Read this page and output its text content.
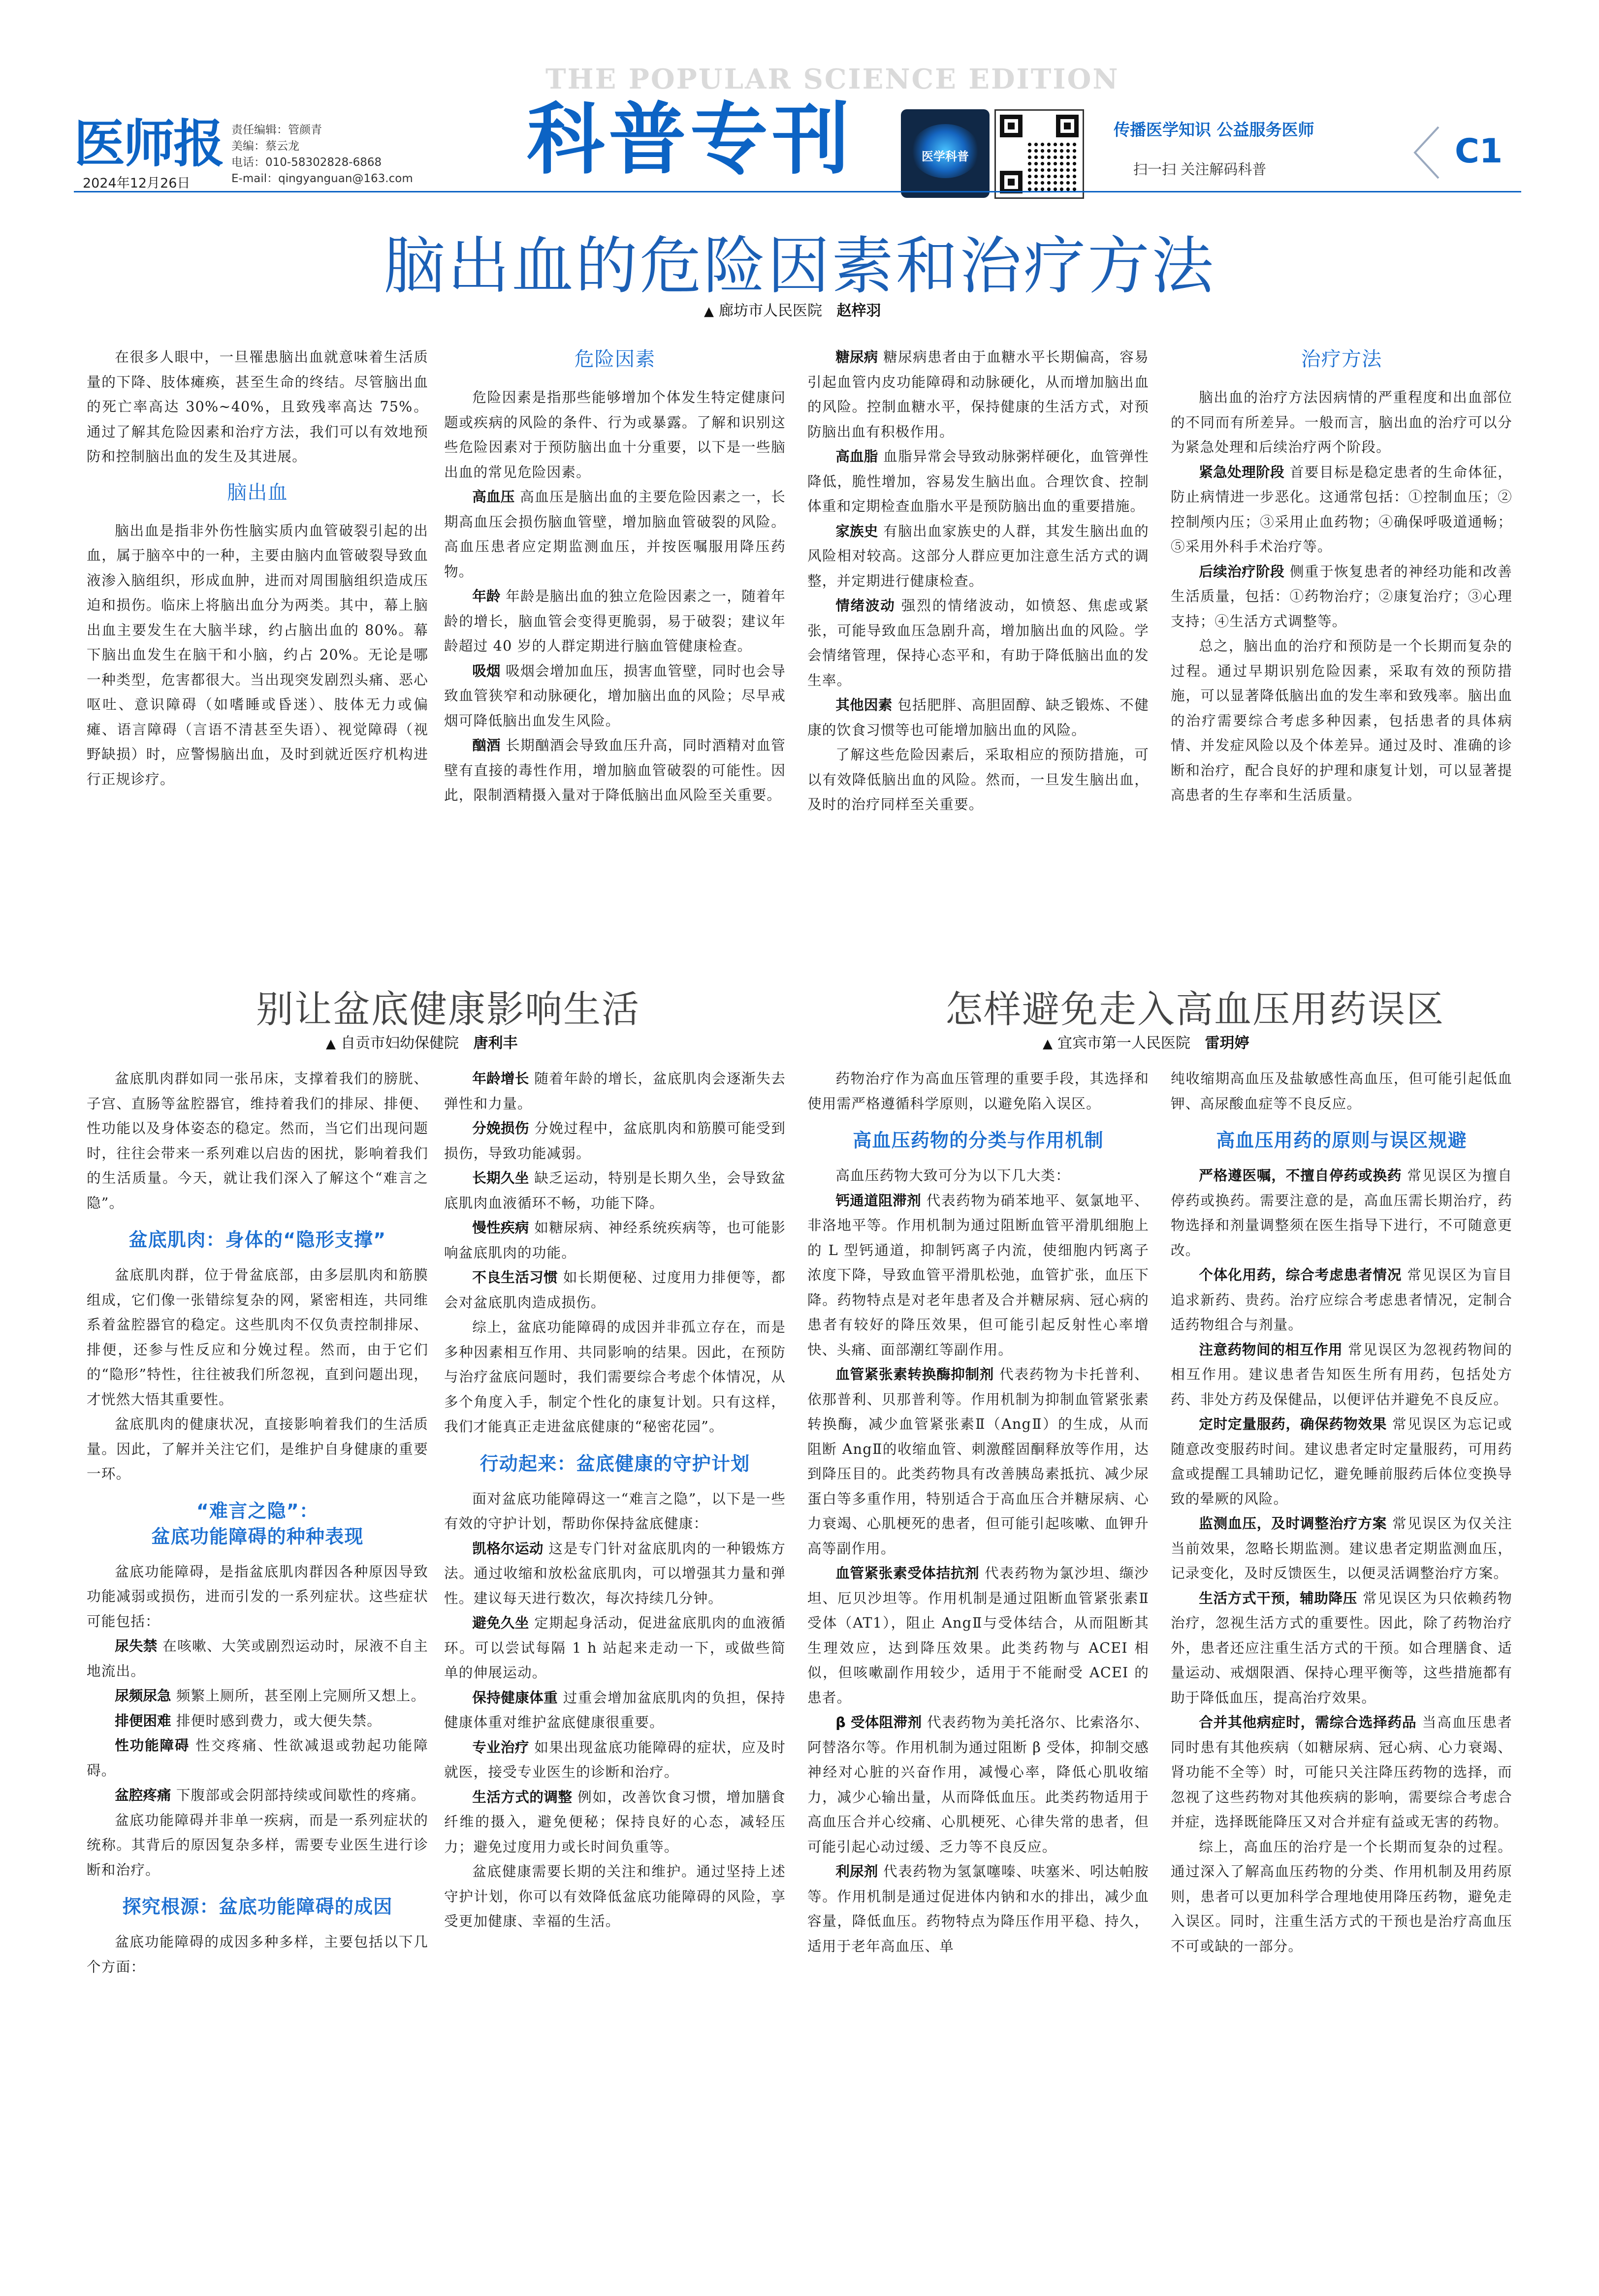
医师报
2024年12月26日
责任编辑：管颜青
美编：蔡云龙
电话：010-58302828-6868
E-mail：qingyanguan@163.com
THE POPULAR SCIENCE EDITION
科普专刊	医学科普
传播医学知识 公益服务医师
扫一扫 关注解码科普	C1
脑出血的危险因素和治疗方法
▲ 廊坊市人民医院 赵梓羽

在很多人眼中，一旦罹患脑出血就意味着生活质量的下降、肢体瘫痪，甚至生命的终结。尽管脑出血的死亡率高达 30%~40%，且致残率高达 75%。通过了解其危险因素和治疗方法，我们可以有效地预防和控制脑出血的发生及其进展。

脑出血

脑出血是指非外伤性脑实质内血管破裂引起的出血，属于脑卒中的一种，主要由脑内血管破裂导致血液渗入脑组织，形成血肿，进而对周围脑组织造成压迫和损伤。临床上将脑出血分为两类。其中，幕上脑出血主要发生在大脑半球，约占脑出血的 80%。幕下脑出血发生在脑干和小脑，约占 20%。无论是哪一种类型，危害都很大。当出现突发剧烈头痛、恶心呕吐、意识障碍（如嗜睡或昏迷）、肢体无力或偏瘫、语言障碍（言语不清甚至失语）、视觉障碍（视野缺损）时，应警惕脑出血，及时到就近医疗机构进行正规诊疗。

危险因素

危险因素是指那些能够增加个体发生特定健康问题或疾病的风险的条件、行为或暴露。了解和识别这些危险因素对于预防脑出血十分重要，以下是一些脑出血的常见危险因素。

高血压 高血压是脑出血的主要危险因素之一，长期高血压会损伤脑血管壁，增加脑血管破裂的风险。高血压患者应定期监测血压，并按医嘱服用降压药物。

年龄 年龄是脑出血的独立危险因素之一，随着年龄的增长，脑血管会变得更脆弱，易于破裂；建议年龄超过 40 岁的人群定期进行脑血管健康检查。

吸烟 吸烟会增加血压，损害血管壁，同时也会导致血管狭窄和动脉硬化，增加脑出血的风险；尽早戒烟可降低脑出血发生风险。

酗酒 长期酗酒会导致血压升高，同时酒精对血管壁有直接的毒性作用，增加脑血管破裂的可能性。因此，限制酒精摄入量对于降低脑出血风险至关重要。

糖尿病 糖尿病患者由于血糖水平长期偏高，容易引起血管内皮功能障碍和动脉硬化，从而增加脑出血的风险。控制血糖水平，保持健康的生活方式，对预防脑出血有积极作用。

高血脂 血脂异常会导致动脉粥样硬化，血管弹性降低，脆性增加，容易发生脑出血。合理饮食、控制体重和定期检查血脂水平是预防脑出血的重要措施。

家族史 有脑出血家族史的人群，其发生脑出血的风险相对较高。这部分人群应更加注意生活方式的调整，并定期进行健康检查。

情绪波动 强烈的情绪波动，如愤怒、焦虑或紧张，可能导致血压急剧升高，增加脑出血的风险。学会情绪管理，保持心态平和，有助于降低脑出血的发生率。

其他因素 包括肥胖、高胆固醇、缺乏锻炼、不健康的饮食习惯等也可能增加脑出血的风险。

了解这些危险因素后，采取相应的预防措施，可以有效降低脑出血的风险。然而，一旦发生脑出血，及时的治疗同样至关重要。

治疗方法

脑出血的治疗方法因病情的严重程度和出血部位的不同而有所差异。一般而言，脑出血的治疗可以分为紧急处理和后续治疗两个阶段。

紧急处理阶段 首要目标是稳定患者的生命体征，防止病情进一步恶化。这通常包括：①控制血压；②控制颅内压；③采用止血药物；④确保呼吸道通畅；⑤采用外科手术治疗等。

后续治疗阶段 侧重于恢复患者的神经功能和改善生活质量，包括：①药物治疗；②康复治疗；③心理支持；④生活方式调整等。

总之，脑出血的治疗和预防是一个长期而复杂的过程。通过早期识别危险因素，采取有效的预防措施，可以显著降低脑出血的发生率和致残率。脑出血的治疗需要综合考虑多种因素，包括患者的具体病情、并发症风险以及个体差异。通过及时、准确的诊断和治疗，配合良好的护理和康复计划，可以显著提高患者的生存率和生活质量。

别让盆底健康影响生活
▲ 自贡市妇幼保健院 唐利丰

盆底肌肉群如同一张吊床，支撑着我们的膀胱、子宫、直肠等盆腔器官，维持着我们的排尿、排便、性功能以及身体姿态的稳定。然而，当它们出现问题时，往往会带来一系列难以启齿的困扰，影响着我们的生活质量。今天，就让我们深入了解这个“难言之隐”。

盆底肌肉：身体的“隐形支撑”

盆底肌肉群，位于骨盆底部，由多层肌肉和筋膜组成，它们像一张错综复杂的网，紧密相连，共同维系着盆腔器官的稳定。这些肌肉不仅负责控制排尿、排便，还参与性反应和分娩过程。然而，由于它们的“隐形”特性，往往被我们所忽视，直到问题出现，才恍然大悟其重要性。

盆底肌肉的健康状况，直接影响着我们的生活质量。因此，了解并关注它们，是维护自身健康的重要一环。

“难言之隐”：
盆底功能障碍的种种表现

盆底功能障碍，是指盆底肌肉群因各种原因导致功能减弱或损伤，进而引发的一系列症状。这些症状可能包括：

尿失禁 在咳嗽、大笑或剧烈运动时，尿液不自主地流出。

尿频尿急 频繁上厕所，甚至刚上完厕所又想上。

排便困难 排便时感到费力，或大便失禁。

性功能障碍 性交疼痛、性欲减退或勃起功能障碍。

盆腔疼痛 下腹部或会阴部持续或间歇性的疼痛。

盆底功能障碍并非单一疾病，而是一系列症状的统称。其背后的原因复杂多样，需要专业医生进行诊断和治疗。

探究根源：盆底功能障碍的成因

盆底功能障碍的成因多种多样，主要包括以下几个方面：

年龄增长 随着年龄的增长，盆底肌肉会逐渐失去弹性和力量。

分娩损伤 分娩过程中，盆底肌肉和筋膜可能受到损伤，导致功能减弱。

长期久坐 缺乏运动，特别是长期久坐，会导致盆底肌肉血液循环不畅，功能下降。

慢性疾病 如糖尿病、神经系统疾病等，也可能影响盆底肌肉的功能。

不良生活习惯 如长期便秘、过度用力排便等，都会对盆底肌肉造成损伤。

综上，盆底功能障碍的成因并非孤立存在，而是多种因素相互作用、共同影响的结果。因此，在预防与治疗盆底问题时，我们需要综合考虑个体情况，从多个角度入手，制定个性化的康复计划。只有这样，我们才能真正走进盆底健康的“秘密花园”。

行动起来：盆底健康的守护计划

面对盆底功能障碍这一“难言之隐”，以下是一些有效的守护计划，帮助你保持盆底健康：

凯格尔运动 这是专门针对盆底肌肉的一种锻炼方法。通过收缩和放松盆底肌肉，可以增强其力量和弹性。建议每天进行数次，每次持续几分钟。

避免久坐 定期起身活动，促进盆底肌肉的血液循环。可以尝试每隔 1 h 站起来走动一下，或做些简单的伸展运动。

保持健康体重 过重会增加盆底肌肉的负担，保持健康体重对维护盆底健康很重要。

专业治疗 如果出现盆底功能障碍的症状，应及时就医，接受专业医生的诊断和治疗。

生活方式的调整 例如，改善饮食习惯，增加膳食纤维的摄入，避免便秘；保持良好的心态，减轻压力；避免过度用力或长时间负重等。

盆底健康需要长期的关注和维护。通过坚持上述守护计划，你可以有效降低盆底功能障碍的风险，享受更加健康、幸福的生活。

怎样避免走入高血压用药误区
▲ 宜宾市第一人民医院 雷玥婷

药物治疗作为高血压管理的重要手段，其选择和使用需严格遵循科学原则，以避免陷入误区。

高血压药物的分类与作用机制

高血压药物大致可分为以下几大类：

钙通道阻滞剂 代表药物为硝苯地平、氨氯地平、非洛地平等。作用机制为通过阻断血管平滑肌细胞上的 L 型钙通道，抑制钙离子内流，使细胞内钙离子浓度下降，导致血管平滑肌松弛，血管扩张，血压下降。药物特点是对老年患者及合并糖尿病、冠心病的患者有较好的降压效果，但可能引起反射性心率增快、头痛、面部潮红等副作用。

血管紧张素转换酶抑制剂 代表药物为卡托普利、依那普利、贝那普利等。作用机制为抑制血管紧张素转换酶，减少血管紧张素Ⅱ（AngⅡ）的生成，从而阻断 AngⅡ的收缩血管、刺激醛固酮释放等作用，达到降压目的。此类药物具有改善胰岛素抵抗、减少尿蛋白等多重作用，特别适合于高血压合并糖尿病、心力衰竭、心肌梗死的患者，但可能引起咳嗽、血钾升高等副作用。

血管紧张素受体拮抗剂 代表药物为氯沙坦、缬沙坦、厄贝沙坦等。作用机制是通过阻断血管紧张素Ⅱ受体（AT1），阻止 AngⅡ与受体结合，从而阻断其生理效应，达到降压效果。此类药物与 ACEI 相似，但咳嗽副作用较少，适用于不能耐受 ACEI 的患者。

β 受体阻滞剂 代表药物为美托洛尔、比索洛尔、阿替洛尔等。作用机制为通过阻断 β 受体，抑制交感神经对心脏的兴奋作用，减慢心率，降低心肌收缩力，减少心输出量，从而降低血压。此类药物适用于高血压合并心绞痛、心肌梗死、心律失常的患者，但可能引起心动过缓、乏力等不良反应。

利尿剂 代表药物为氢氯噻嗪、呋塞米、吲达帕胺等。作用机制是通过促进体内钠和水的排出，减少血容量，降低血压。药物特点为降压作用平稳、持久，适用于老年高血压、单

纯收缩期高血压及盐敏感性高血压，但可能引起低血钾、高尿酸血症等不良反应。
高血压用药的原则与误区规避

严格遵医嘱，不擅自停药或换药 常见误区为擅自停药或换药。需要注意的是，高血压需长期治疗，药物选择和剂量调整须在医生指导下进行，不可随意更改。

个体化用药，综合考虑患者情况 常见误区为盲目追求新药、贵药。治疗应综合考虑患者情况，定制合适药物组合与剂量。

注意药物间的相互作用 常见误区为忽视药物间的相互作用。建议患者告知医生所有用药，包括处方药、非处方药及保健品，以便评估并避免不良反应。

定时定量服药，确保药物效果 常见误区为忘记或随意改变服药时间。建议患者定时定量服药，可用药盒或提醒工具辅助记忆，避免睡前服药后体位变换导致的晕厥的风险。

监测血压，及时调整治疗方案 常见误区为仅关注当前效果，忽略长期监测。建议患者定期监测血压，记录变化，及时反馈医生，以便灵活调整治疗方案。

生活方式干预，辅助降压 常见误区为只依赖药物治疗，忽视生活方式的重要性。因此，除了药物治疗外，患者还应注重生活方式的干预。如合理膳食、适量运动、戒烟限酒、保持心理平衡等，这些措施都有助于降低血压，提高治疗效果。

合并其他病症时，需综合选择药品 当高血压患者同时患有其他疾病（如糖尿病、冠心病、心力衰竭、肾功能不全等）时，可能只关注降压药物的选择，而忽视了这些药物对其他疾病的影响，需要综合考虑合并症，选择既能降压又对合并症有益或无害的药物。

综上，高血压的治疗是一个长期而复杂的过程。通过深入了解高血压药物的分类、作用机制及用药原则，患者可以更加科学合理地使用降压药物，避免走入误区。同时，注重生活方式的干预也是治疗高血压不可或缺的一部分。
